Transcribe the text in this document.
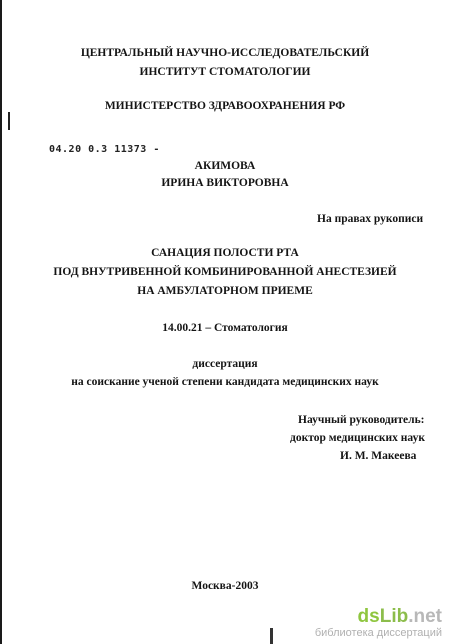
ЦЕНТРАЛЬНЫЙ НАУЧНО-ИССЛЕДОВАТЕЛЬСКИЙ
ИНСТИТУТ СТОМАТОЛОГИИ
МИНИСТЕРСТВО ЗДРАВООХРАНЕНИЯ РФ
04.20 0.3 11373 -
АКИМОВА
ИРИНА ВИКТОРОВНА
На правах рукописи
САНАЦИЯ ПОЛОСТИ РТА
ПОД ВНУТРИВЕННОЙ КОМБИНИРОВАННОЙ АНЕСТЕЗИЕЙ
НА АМБУЛАТОРНОМ ПРИЕМЕ
14.00.21 – Стоматология
диссертация
на соискание ученой степени кандидата медицинских наук
Научный руководитель:
доктор медицинских наук
И. М. Макеева
Москва-2003
dsLib.net
библиотека диссертаций
